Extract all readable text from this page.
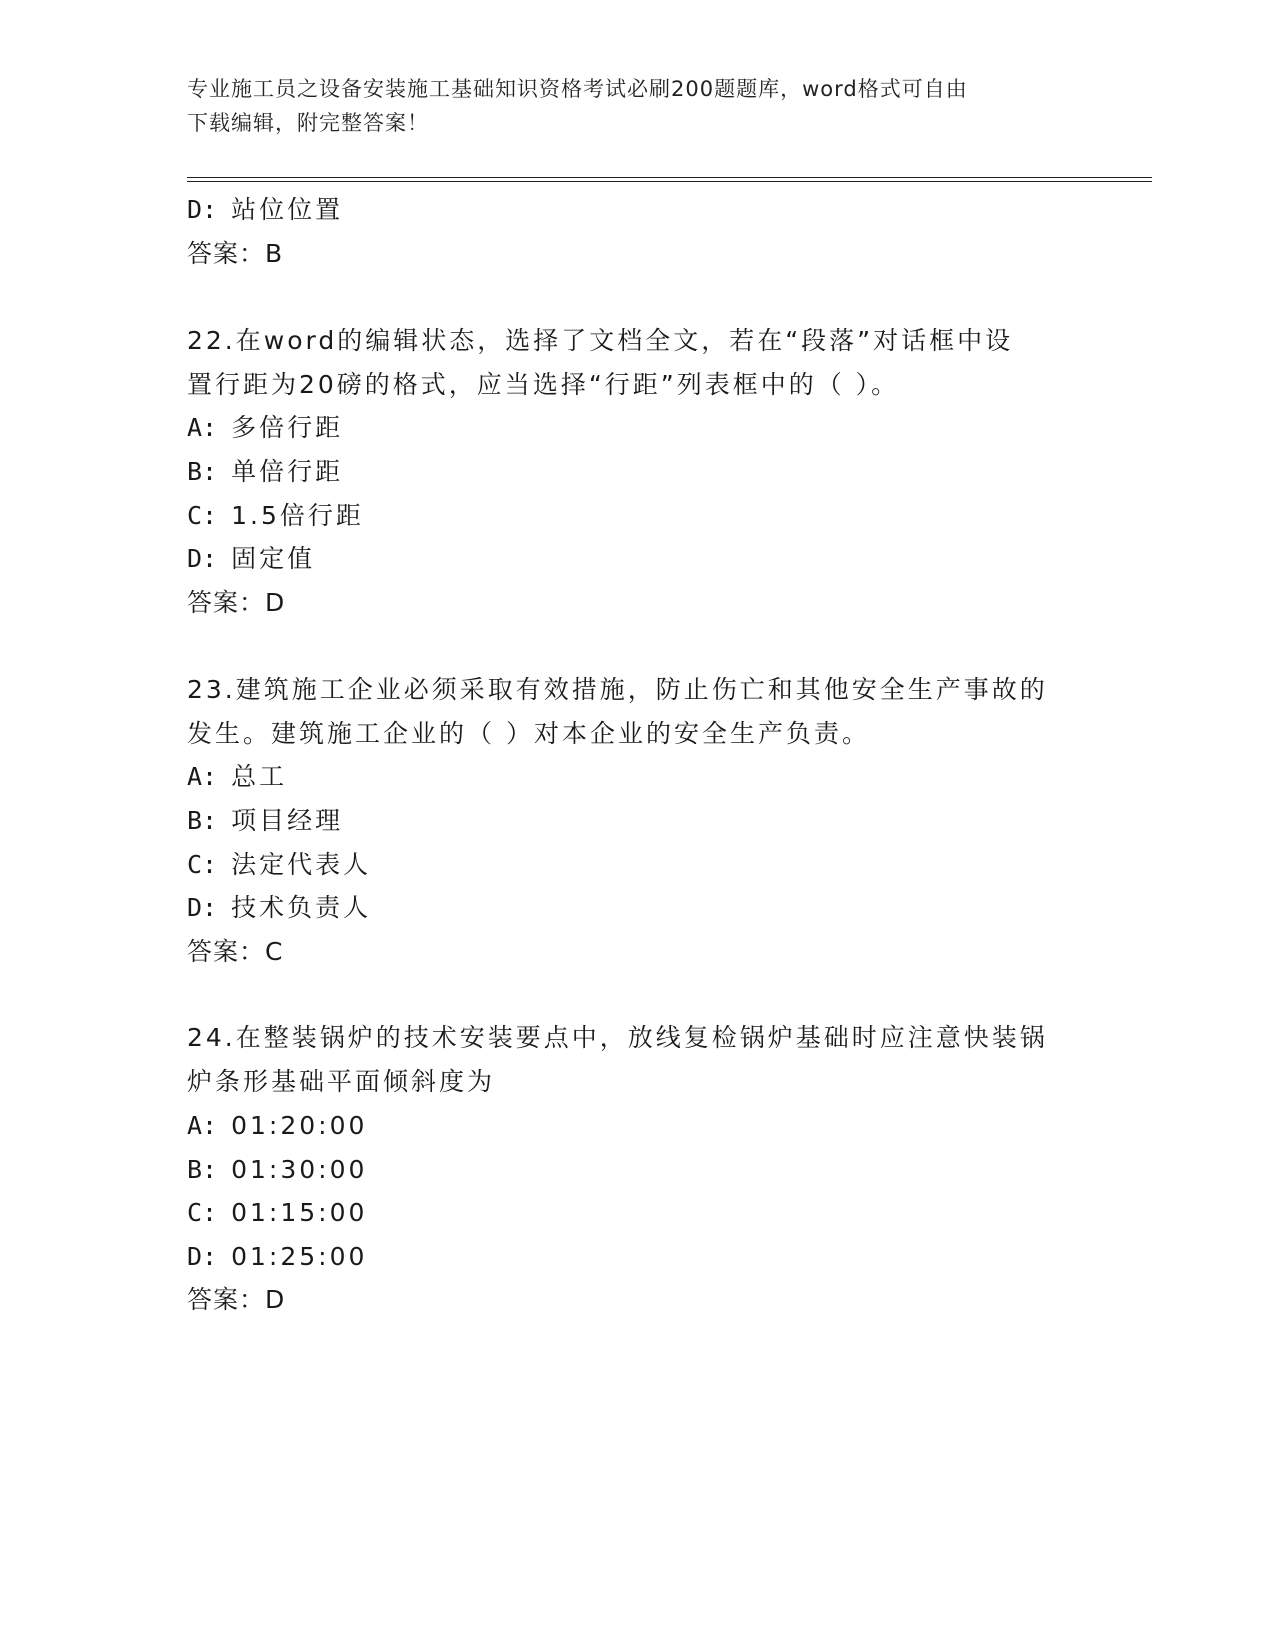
专业施工员之设备安装施工基础知识资格考试必刷200题题库，word格式可自由
下载编辑，附完整答案！
D: 站位位置
答案：B
22.在word的编辑状态，选择了文档全文，若在“段落”对话框中设
置行距为20磅的格式，应当选择“行距”列表框中的（ ）。
A: 多倍行距
B: 单倍行距
C: 1.5倍行距
D: 固定值
答案：D
23.建筑施工企业必须采取有效措施，防止伤亡和其他安全生产事故的
发生。建筑施工企业的（ ）对本企业的安全生产负责。
A: 总工
B: 项目经理
C: 法定代表人
D: 技术负责人
答案：C
24.在整装锅炉的技术安装要点中，放线复检锅炉基础时应注意快装锅
炉条形基础平面倾斜度为
A: 01:20:00
B: 01:30:00
C: 01:15:00
D: 01:25:00
答案：D
